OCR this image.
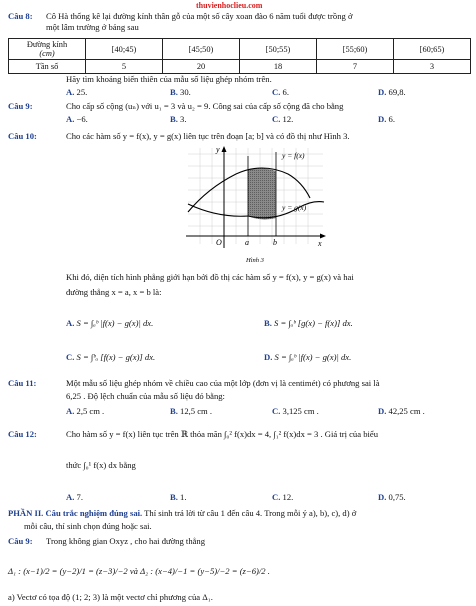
thuvienhoclieu.com
Câu 8: Cô Hà thống kê lại đường kính thân gỗ của một số cây xoan đào 6 năm tuổi được trồng ở
một lâm trường ở bảng sau
Đường kính
(cm)	[40;45)	[45;50)	[50;55)	[55;60)	[60;65)
Tần số	5	20	18	7	3
Hãy tìm khoảng biến thiên của mẫu số liệu ghép nhóm trên.
A. 25.	B. 30.	C. 6.	D. 69,8.
Câu 9:	Cho cấp số cộng (uₙ) với u₁ = 3 và u₂ = 9. Công sai của cấp số cộng đã cho bằng
A. −6.	B. 3.	C. 12.	D. 6.
Câu 10:	Cho các hàm số y = f(x), y = g(x) liên tục trên đoạn [a; b] và có đồ thị như Hình 3.
y = f(x)
y = g(x)
y
x
O	a	b
Hình 3
Khi đó, diện tích hình phẳng giới hạn bởi đồ thị các hàm số y = f(x), y = g(x) và hai
đường thẳng x = a, x = b là:
A. S = ∫ₐᵇ |f(x) − g(x)| dx.	B. S = ∫ₐᵇ [g(x) − f(x)] dx.
C. S = ∫ᵇₐ [f(x) − g(x)] dx.	D. S = ∫ₐᵇ |f(x) − g(x)| dx.
Câu 11:	Một mẫu số liệu ghép nhóm về chiều cao của một lớp (đơn vị là centimét) có phương sai là
6,25 . Độ lệch chuẩn của mẫu số liệu đó bằng:
A. 2,5 cm .	B. 12,5 cm .	C. 3,125 cm .	D. 42,25 cm .
Câu 12:	Cho hàm số y = f(x) liên tục trên ℝ thỏa mãn ∫₀² f(x)dx = 4, ∫₁² f(x)dx = 3 . Giá trị của biểu
thức ∫₀¹ f(x) dx bằng
A. 7.	B. 1.	C. 12.	D. 0,75.
PHẦN II. Câu trắc nghiệm đúng sai. Thí sinh trả lời từ câu 1 đến câu 4. Trong mỗi ý a), b), c), d) ở
mỗi câu, thí sinh chọn đúng hoặc sai.
Câu 9: Trong không gian Oxyz , cho hai đường thẳng
Δ₁ : (x−1)/2 = (y−2)/1 = (z−3)/−2 và Δ₂ : (x−4)/−1 = (y−5)/−2 = (z−6)/2 .
a) Vectơ có tọa độ (1; 2; 3) là một vectơ chỉ phương của Δ₁.
